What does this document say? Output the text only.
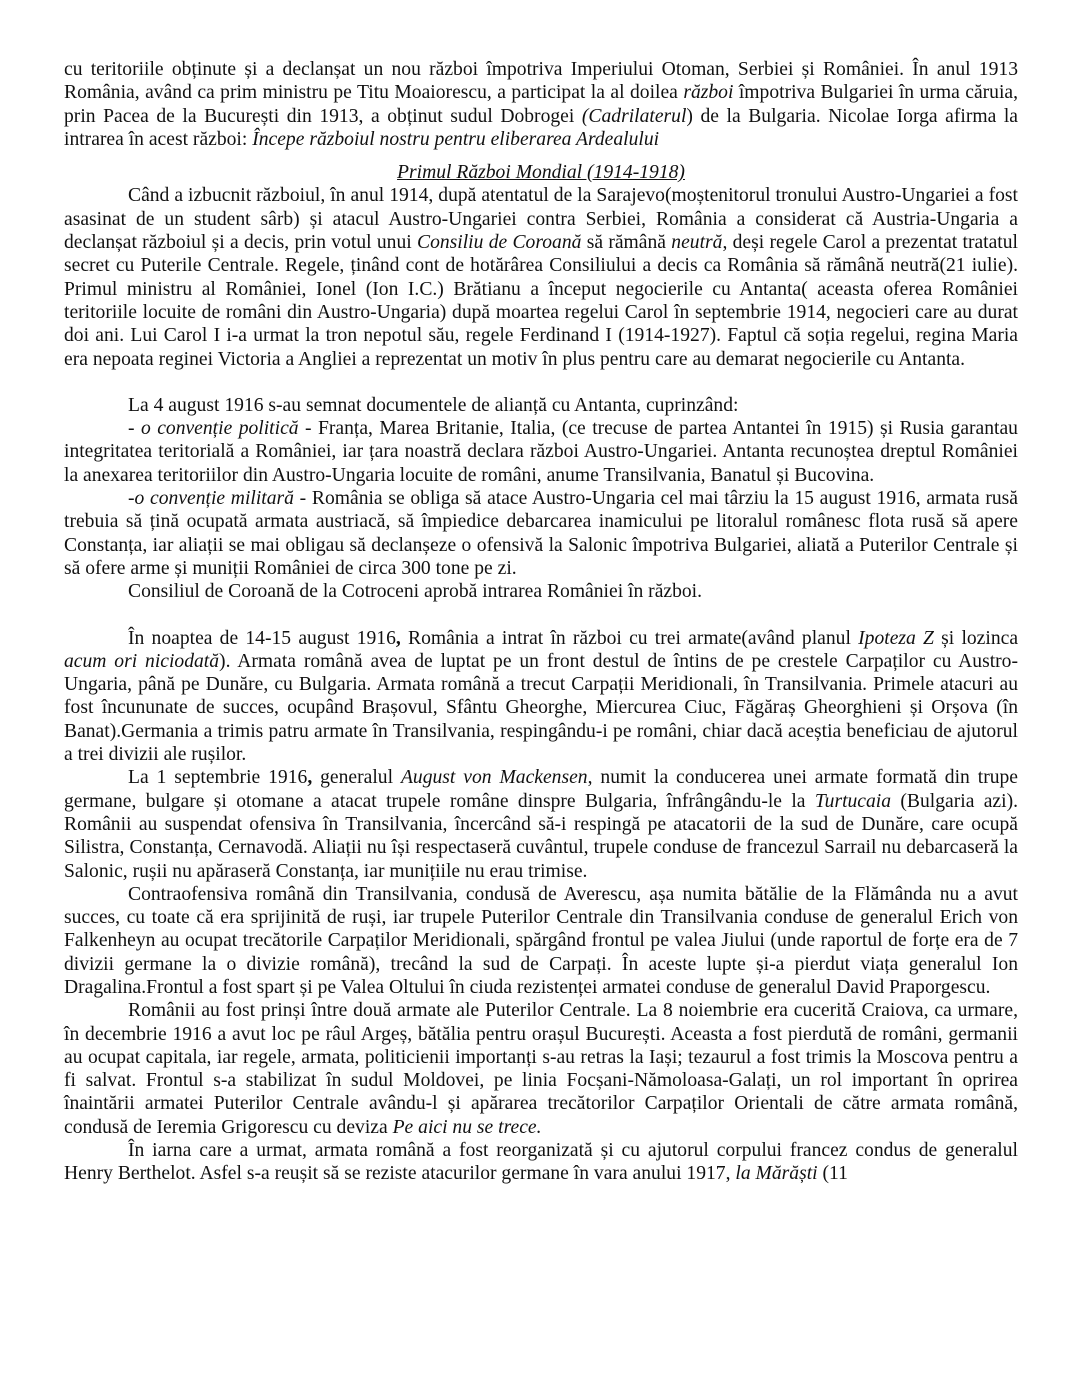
cu teritoriile obținute și a declanșat un nou război împotriva Imperiului Otoman, Serbiei și României. În anul 1913 România, având ca prim ministru pe Titu Moaiorescu, a participat la al doilea război împotriva Bulgariei în urma căruia, prin Pacea de la București din 1913, a obținut sudul Dobrogei (Cadrilaterul) de la Bulgaria. Nicolae Iorga afirma la intrarea în acest război: Începe războiul nostru pentru eliberarea Ardealului

Primul Război Mondial (1914-1918)

Când a izbucnit războiul, în anul 1914, după atentatul de la Sarajevo(moștenitorul tronului Austro-Ungariei a fost asasinat de un student sârb) și atacul Austro-Ungariei contra Serbiei, România a considerat că Austria-Ungaria a declanșat războiul și a decis, prin votul unui Consiliu de Coroană să rămână neutră, deși regele Carol a prezentat tratatul secret cu Puterile Centrale. Regele, ținând cont de hotărârea Consiliului a decis ca România să rămână neutră(21 iulie). Primul ministru al României, Ionel (Ion I.C.) Brătianu a început negocierile cu Antanta( aceasta oferea României teritoriile locuite de români din Austro-Ungaria) după moartea regelui Carol în septembrie 1914, negocieri care au durat doi ani. Lui Carol I i-a urmat la tron nepotul său, regele Ferdinand I (1914-1927). Faptul că soția regelui, regina Maria era nepoata reginei Victoria a Angliei a reprezentat un motiv în plus pentru care au demarat negocierile cu Antanta.

La 4 august 1916 s-au semnat documentele de alianță cu Antanta, cuprinzând:

- o convenție politică - Franța, Marea Britanie, Italia, (ce trecuse de partea Antantei în 1915) și Rusia garantau integritatea teritorială a României, iar țara noastră declara război Austro-Ungariei. Antanta recunoștea dreptul României la anexarea teritoriilor din Austro-Ungaria locuite de români, anume Transilvania, Banatul și Bucovina.

-o convenție militară - România se obliga să atace Austro-Ungaria cel mai târziu la 15 august 1916, armata rusă trebuia să țină ocupată armata austriacă, să împiedice debarcarea inamicului pe litoralul românesc flota rusă să apere Constanța, iar aliații se mai obligau să declanșeze o ofensivă la Salonic împotriva Bulgariei, aliată a Puterilor Centrale și să ofere arme și muniții României de circa 300 tone pe zi.

Consiliul de Coroană de la Cotroceni aprobă intrarea României în război.

În noaptea de 14-15 august 1916, România a intrat în război cu trei armate(având planul Ipoteza Z și lozinca acum ori niciodată). Armata română avea de luptat pe un front destul de întins de pe crestele Carpaților cu Austro-Ungaria, până pe Dunăre, cu Bulgaria. Armata română a trecut Carpații Meridionali, în Transilvania. Primele atacuri au fost încununate de succes, ocupând Brașovul, Sfântu Gheorghe, Miercurea Ciuc, Făgăraș Gheorghieni și Orșova (în Banat).Germania a trimis patru armate în Transilvania, respingându-i pe români, chiar dacă aceștia beneficiau de ajutorul a trei divizii ale rușilor.

La 1 septembrie 1916, generalul August von Mackensen, numit la conducerea unei armate formată din trupe germane, bulgare și otomane a atacat trupele române dinspre Bulgaria, înfrângându-le la Turtucaia (Bulgaria azi). Românii au suspendat ofensiva în Transilvania, încercând să-i respingă pe atacatorii de la sud de Dunăre, care ocupă Silistra, Constanța, Cernavodă. Aliații nu își respectaseră cuvântul, trupele conduse de francezul Sarrail nu debarcaseră la Salonic, rușii nu apăraseră Constanța, iar munițiile nu erau trimise.

Contraofensiva română din Transilvania, condusă de Averescu, așa numita bătălie de la Flămânda nu a avut succes, cu toate că era sprijinită de ruși, iar trupele Puterilor Centrale din Transilvania conduse de generalul Erich von Falkenheyn au ocupat trecătorile Carpaților Meridionali, spărgând frontul pe valea Jiului (unde raportul de forțe era de 7 divizii germane la o divizie română), trecând la sud de Carpați. În aceste lupte și-a pierdut viața generalul Ion Dragalina.Frontul a fost spart și pe Valea Oltului în ciuda rezistenței armatei conduse de generalul David Praporgescu.

Românii au fost prinși între două armate ale Puterilor Centrale. La 8 noiembrie era cucerită Craiova, ca urmare, în decembrie 1916 a avut loc pe râul Argeș, bătălia pentru orașul București. Aceasta a fost pierdută de români, germanii au ocupat capitala, iar regele, armata, politicienii importanți s-au retras la Iași; tezaurul a fost trimis la Moscova pentru a fi salvat. Frontul s-a stabilizat în sudul Moldovei, pe linia Focșani-Nămoloasa-Galați, un rol important în oprirea înaintării armatei Puterilor Centrale avându-l și apărarea trecătorilor Carpaților Orientali de către armata română, condusă de Ieremia Grigorescu cu deviza Pe aici nu se trece.

În iarna care a urmat, armata română a fost reorganizată și cu ajutorul corpului francez condus de generalul Henry Berthelot. Asfel s-a reușit să se reziste atacurilor germane în vara anului 1917, la Mărăști (11
